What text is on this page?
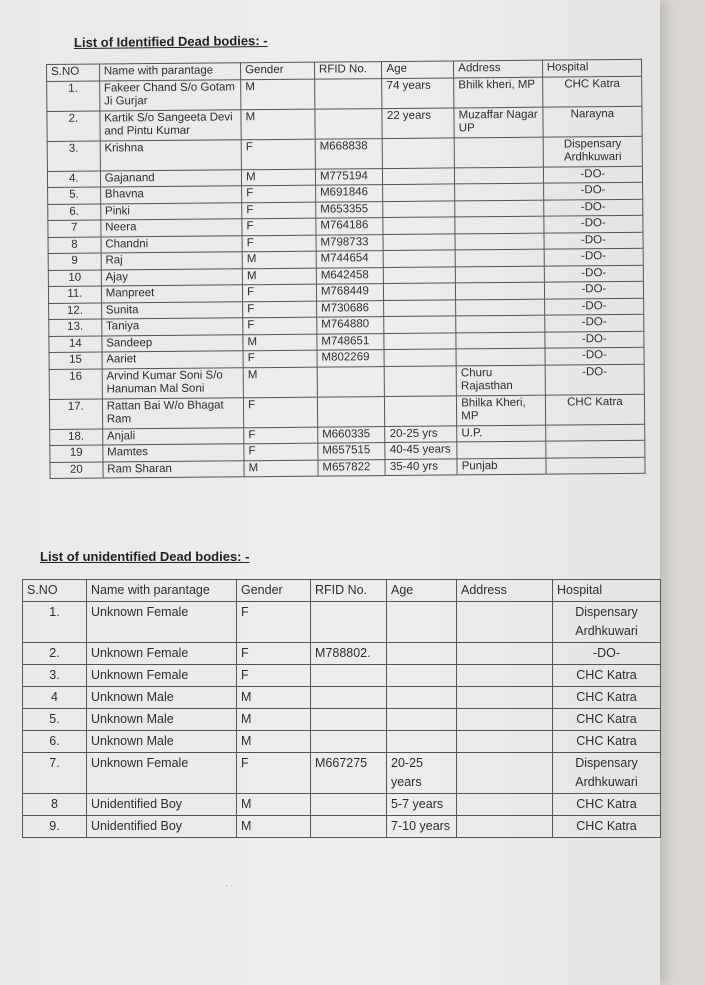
List of Identified Dead bodies: -
S.NO	Name with parantage	Gender	RFID No.	Age	Address	Hospital
1.	Fakeer Chand S/o Gotam Ji Gurjar	M		74 years	Bhilk kheri, MP	CHC Katra
2.	Kartik S/o Sangeeta Devi and Pintu Kumar	M		22 years	Muzaffar Nagar UP	Narayna
3.	Krishna	F	M668838			Dispensary Ardhkuwari
4.	Gajanand	M	M775194			-DO-
5.	Bhavna	F	M691846			-DO-
6.	Pinki	F	M653355			-DO-
7	Neera	F	M764186			-DO-
8	Chandni	F	M798733			-DO-
9	Raj	M	M744654			-DO-
10	Ajay	M	M642458			-DO-
11.	Manpreet	F	M768449			-DO-
12.	Sunita	F	M730686			-DO-
13.	Taniya	F	M764880			-DO-
14	Sandeep	M	M748651			-DO-
15	Aariet	F	M802269			-DO-
16	Arvind Kumar Soni S/o Hanuman Mal Soni	M			Churu Rajasthan	-DO-
17.	Rattan Bai W/o Bhagat Ram	F			Bhilka Kheri, MP	CHC Katra
18.	Anjali	F	M660335	20-25 yrs	U.P.	
19	Mamtes	F	M657515	40-45 years		
20	Ram Sharan	M	M657822	35-40 yrs	Punjab	
List of unidentified Dead bodies: -
S.NO	Name with parantage	Gender	RFID No.	Age	Address	Hospital
1.	Unknown Female	F				Dispensary Ardhkuwari
2.	Unknown Female	F	M788802.			-DO-
3.	Unknown Female	F				CHC Katra
4	Unknown Male	M				CHC Katra
5.	Unknown Male	M				CHC Katra
6.	Unknown Male	M				CHC Katra
7.	Unknown Female	F	M667275	20-25 years		Dispensary Ardhkuwari
8	Unidentified Boy	M		5-7 years		CHC Katra
9.	Unidentified Boy	M		7-10 years		CHC Katra
· ·
